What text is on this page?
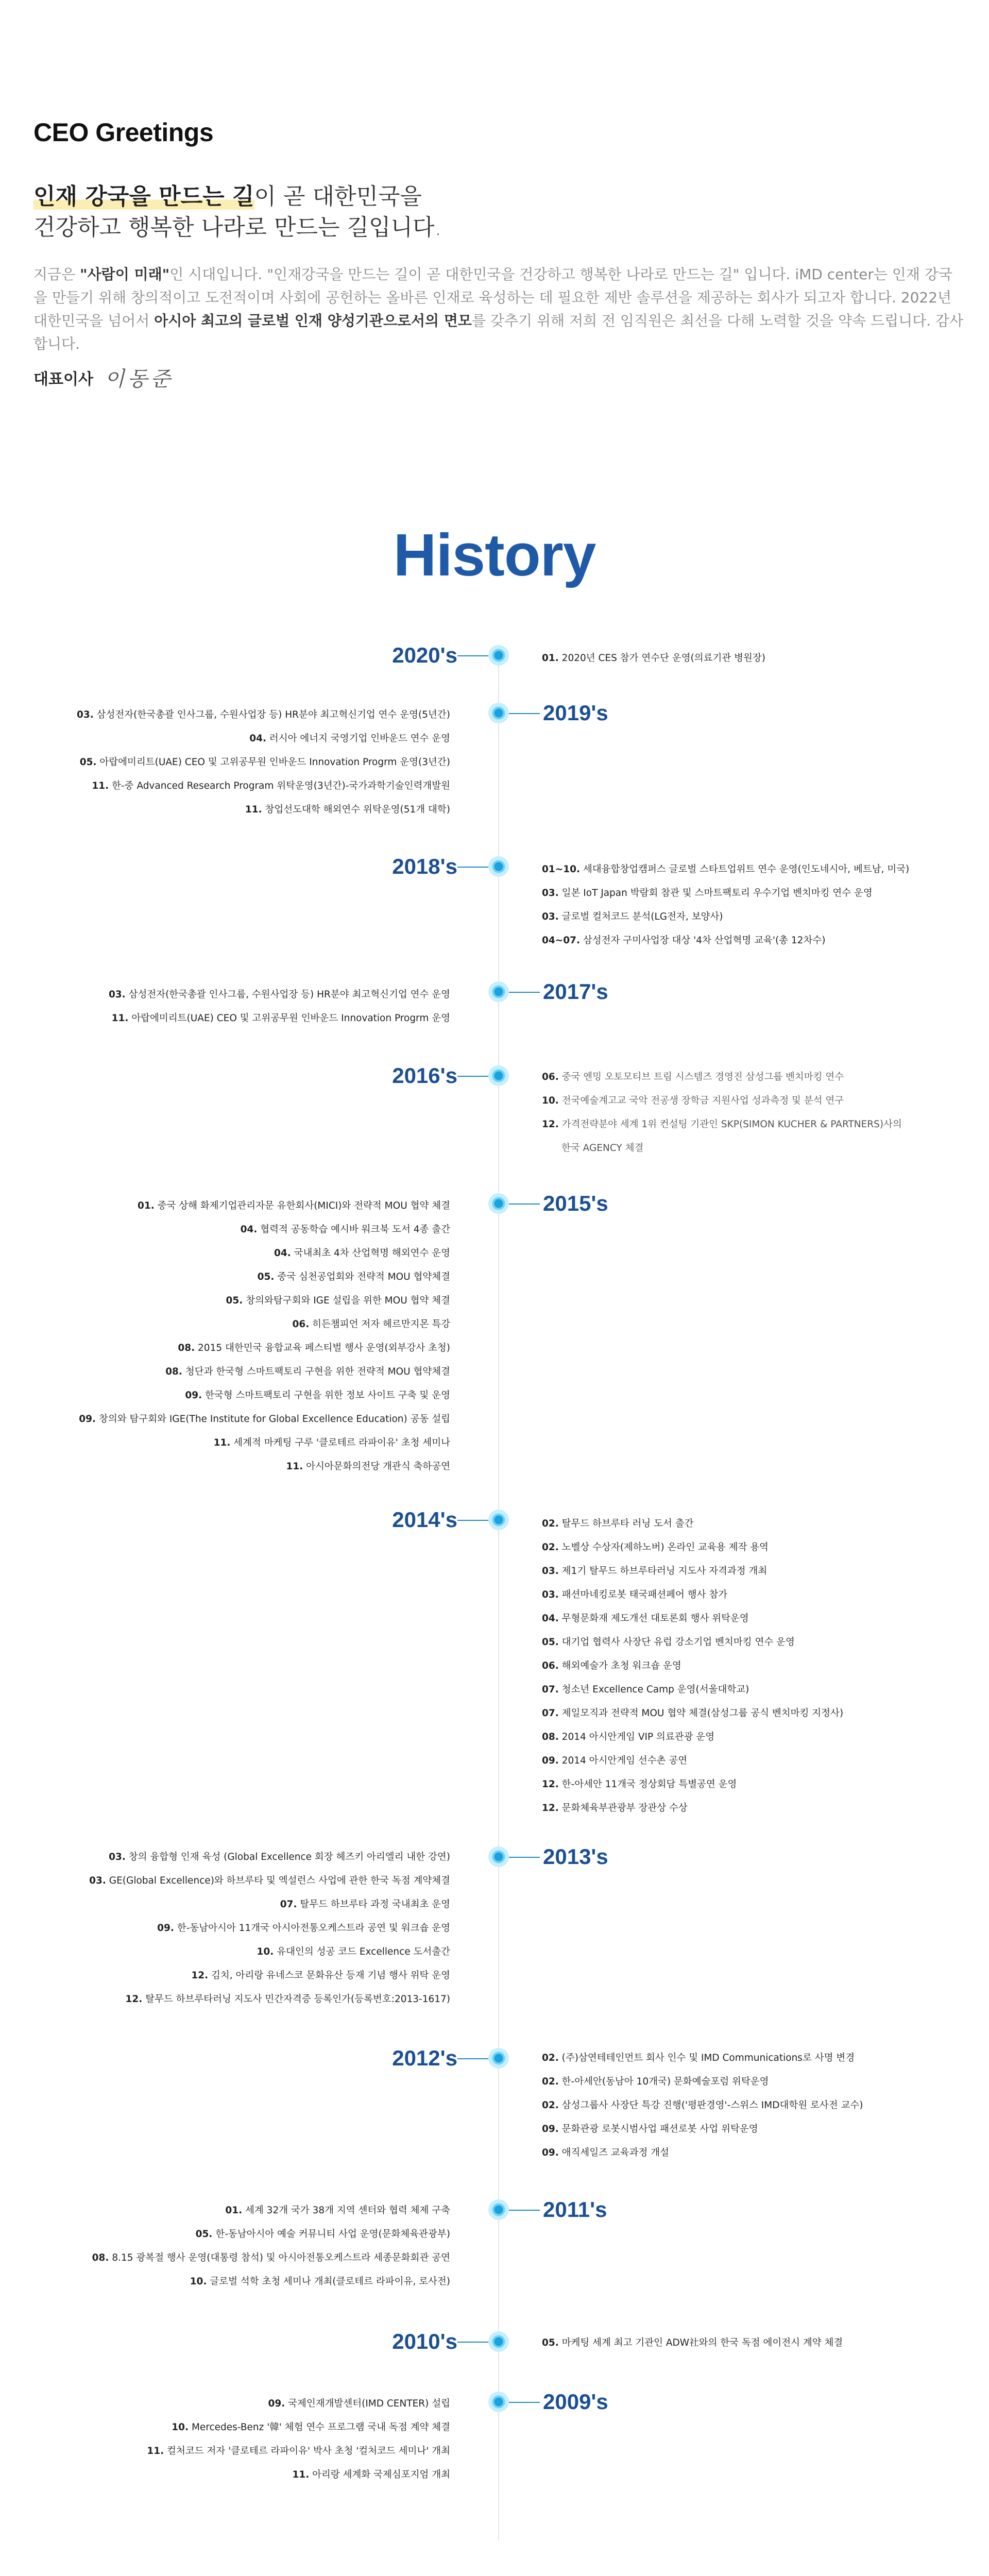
CEO Greetings

인재 강국을 만드는 길이 곧 대한민국을
건강하고 행복한 나라로 만드는 길입니다.

지금은 "사람이 미래"인 시대입니다. "인재강국을 만드는 길이 곧 대한민국을 건강하고 행복한 나라로 만드는 길" 입니다. iMD center는 인재 강국을 만들기 위해 창의적이고 도전적이며 사회에 공헌하는 올바른 인재로 육성하는 데 필요한 제반 솔루션을 제공하는 회사가 되고자 합니다. 2022년 대한민국을 넘어서 아시아 최고의 글로벌 인재 양성기관으로서의 면모를 갖추기 위해 저희 전 임직원은 최선을 다해 노력할 것을 약속 드립니다. 감사합니다.

대표이사 이동준
History
2020's	01. 2020년 CES 참가 연수단 운영(의료기관 병원장)
2019's
03. 삼성전자(한국총괄 인사그룹, 수원사업장 등) HR분야 최고혁신기업 연수 운영(5년간)
04. 러시아 에너지 국영기업 인바운드 연수 운영
05. 아랍에미리트(UAE) CEO 및 고위공무원 인바운드 Innovation Progrm 운영(3년간)
11. 한-중 Advanced Research Program 위탁운영(3년간)-국가과학기술인력개발원
11. 창업선도대학 해외연수 위탁운영(51개 대학)
2018's	01~10. 세대융합창업캠퍼스 글로벌 스타트업위트 연수 운영(인도네시아, 베트남, 미국)
03. 일본 IoT Japan 박람회 참관 및 스마트팩토리 우수기업 벤치마킹 연수 운영
03. 글로벌 컬처코드 분석(LG전자, 보양사)
04~07. 삼성전자 구미사업장 대상 '4차 산업혁명 교육'(총 12차수)
2017's
03. 삼성전자(한국총괄 인사그룹, 수원사업장 등) HR분야 최고혁신기업 연수 운영
11. 아랍에미리트(UAE) CEO 및 고위공무원 인바운드 Innovation Progrm 운영
2016's	06. 중국 엔밍 오토모티브 트림 시스템즈 경영진 삼성그룹 벤치마킹 연수
10. 전국예술계고교 국악 전공생 장학금 지원사업 성과측정 및 분석 연구
12. 가격전략분야 세계 1위 컨설팅 기관인 SKP(SIMON KUCHER & PARTNERS)사의
한국 AGENCY 체결
2015's
01. 중국 상해 화제기업관리자문 유한회사(MICI)와 전략적 MOU 협약 체결
04. 협력적 공동학습 예시바 워크북 도서 4종 출간
04. 국내최초 4차 산업혁명 해외연수 운영
05. 중국 심천공업회와 전략적 MOU 협약체결
05. 창의와탐구회와 IGE 설립을 위한 MOU 협약 체결
06. 히든챔피언 저자 헤르만지몬 특강
08. 2015 대한민국 융합교육 페스티벌 행사 운영(외부강사 초청)
08. 청단과 한국형 스마트팩토리 구현을 위한 전략적 MOU 협약체결
09. 한국형 스마트팩토리 구현을 위한 정보 사이트 구축 및 운영
09. 창의와 탐구회와 IGE(The Institute for Global Excellence Education) 공동 설립
11. 세계적 마케팅 구루 '클로테르 라파이유' 초청 세미나
11. 아시아문화의전당 개관식 축하공연
2014's	02. 탈무드 하브루타 러닝 도서 출간
02. 노벨상 수상자(제하노버) 온라인 교육용 제작 용역
03. 제1기 탈무드 하브루타러닝 지도사 자격과정 개최
03. 패션마네킹로봇 태국패션페어 행사 참가
04. 무형문화재 제도개선 대토론회 행사 위탁운영
05. 대기업 협력사 사장단 유럽 강소기업 벤치마킹 연수 운영
06. 해외예술가 초청 워크숍 운영
07. 청소년 Excellence Camp 운영(서울대학교)
07. 제일모직과 전략적 MOU 협약 체결(삼성그룹 공식 벤치마킹 지정사)
08. 2014 아시안게임 VIP 의료관광 운영
09. 2014 아시안게임 선수촌 공연
12. 한-아세안 11개국 정상회담 특별공연 운영
12. 문화체육부관광부 장관상 수상
2013's
03. 창의 융합형 인재 육성 (Global Excellence 회장 헤즈키 아리엘리 내한 강연)
03. GE(Global Excellence)와 하브루타 및 엑설런스 사업에 관한 한국 독점 계약체결
07. 탈무드 하브루타 과정 국내최초 운영
09. 한-동남아시아 11개국 아시아전통오케스트라 공연 및 워크숍 운영
10. 유대인의 성공 코드 Excellence 도서출간
12. 김치, 아리랑 유네스코 문화유산 등재 기념 행사 위탁 운영
12. 탈무드 하브루타러닝 지도사 민간자격증 등록인가(등록번호:2013-1617)
2012's	02. (주)삼연테테인먼트 회사 인수 및 IMD Communications로 사명 변경
02. 한-아세안(동남아 10개국) 문화예술포럼 위탁운영
02. 삼성그룹사 사장단 특강 진행('평판경영'-스위스 IMD대학원 로사전 교수)
09. 문화관광 로봇시범사업 패션로봇 사업 위탁운영
09. 애직세일즈 교육과정 개설
2011's
01. 세계 32개 국가 38개 지역 센터와 협력 체제 구축
05. 한-동남아시아 예술 커뮤니티 사업 운영(문화체육관광부)
08. 8.15 광복절 행사 운영(대통령 참석) 및 아시아전통오케스트라 세종문화회관 공연
10. 글로벌 석학 초청 세미나 개최(클로테르 라파이유, 로사전)
2010's	05. 마케팅 세계 최고 기관인 ADW社와의 한국 독점 에이전시 계약 체결
2009's
09. 국제인재개발센터(IMD CENTER) 설립
10. Mercedes-Benz '韓' 체험 연수 프로그램 국내 독점 계약 체결
11. 컬처코드 저자 '클로테르 라파이유' 박사 초청 '컬처코드 세미나' 개최
11. 아리랑 세계화 국제심포지엄 개최
